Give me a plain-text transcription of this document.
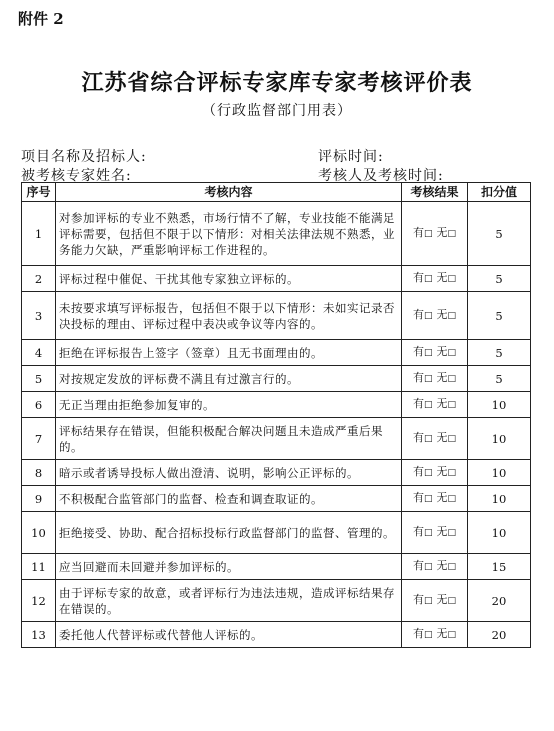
附件 2
江苏省综合评标专家库专家考核评价表
（行政监督部门用表）
项目名称及招标人:	评标时间:
被考核专家姓名:	考核人及考核时间:
序号	考核内容	考核结果	扣分值
1	对参加评标的专业不熟悉，市场行情不了解，专业技能不能满足评标需要，包括但不限于以下情形：对相关法律法规不熟悉，业务能力欠缺，严重影响评标工作进程的。	有□ 无□	5
2	评标过程中催促、干扰其他专家独立评标的。	有□ 无□	5
3	未按要求填写评标报告，包括但不限于以下情形：未如实记录否决投标的理由、评标过程中表决或争议等内容的。	有□ 无□	5
4	拒绝在评标报告上签字（签章）且无书面理由的。	有□ 无□	5
5	对按规定发放的评标费不满且有过激言行的。	有□ 无□	5
6	无正当理由拒绝参加复审的。	有□ 无□	10
7	评标结果存在错误，但能积极配合解决问题且未造成严重后果的。	有□ 无□	10
8	暗示或者诱导投标人做出澄清、说明，影响公正评标的。	有□ 无□	10
9	不积极配合监管部门的监督、检查和调查取证的。	有□ 无□	10
10	拒绝接受、协助、配合招标投标行政监督部门的监督、管理的。	有□ 无□	10
11	应当回避而未回避并参加评标的。	有□ 无□	15
12	由于评标专家的故意，或者评标行为违法违规，造成评标结果存在错误的。	有□ 无□	20
13	委托他人代替评标或代替他人评标的。	有□ 无□	20
